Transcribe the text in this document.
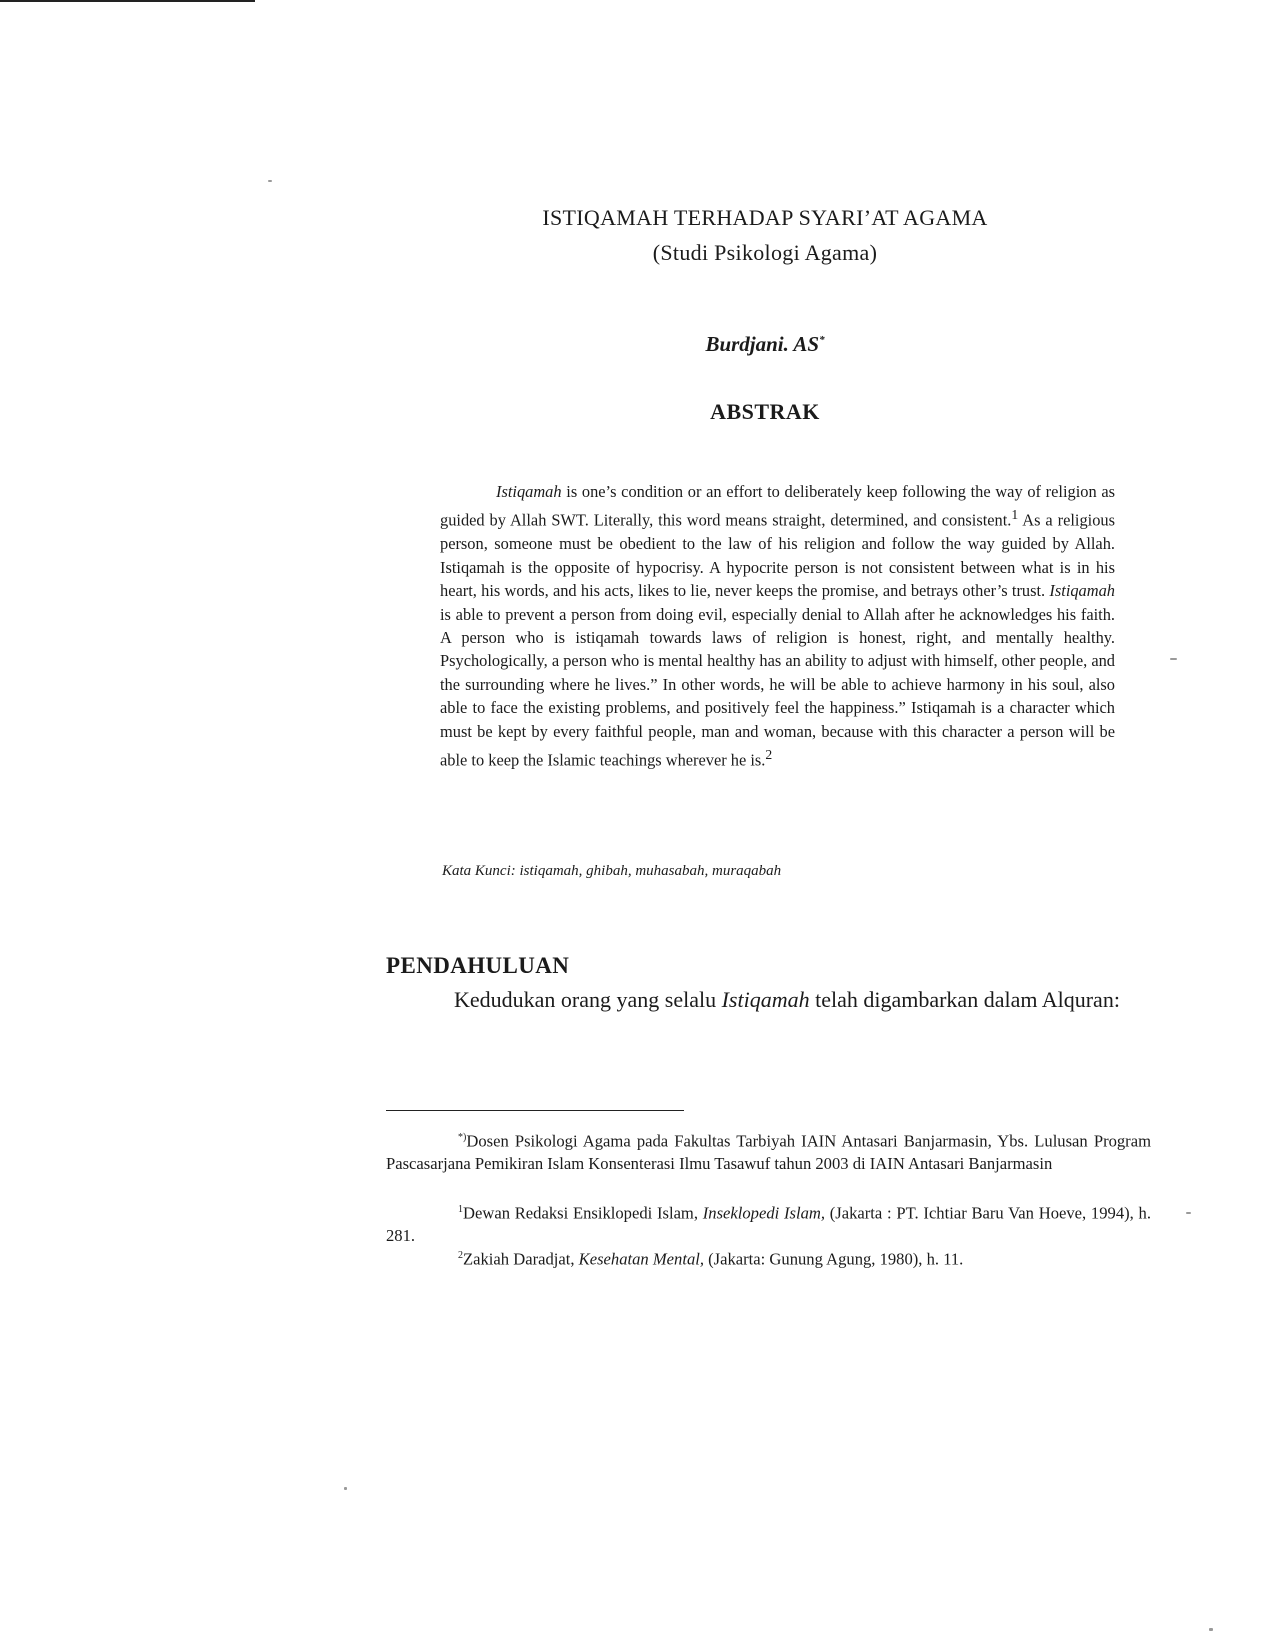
ISTIQAMAH TERHADAP SYARI’AT AGAMA
(Studi Psikologi Agama)
Burdjani. AS*
ABSTRAK

Istiqamah is one’s condition or an effort to deliberately keep following the way of religion as guided by Allah SWT. Literally, this word means straight, determined, and consistent.$^1$ As a religious person, someone must be obedient to the law of his religion and follow the way guided by Allah. Istiqamah is the opposite of hypocrisy. A hypocrite person is not consistent between what is in his heart, his words, and his acts, likes to lie, never keeps the promise, and betrays other’s trust. Istiqamah is able to prevent a person from doing evil, especially denial to Allah after he acknowledges his faith. A person who is istiqamah towards laws of religion is honest, right, and mentally healthy. Psychologically, a person who is mental healthy has an ability to adjust with himself, other people, and the surrounding where he lives.” In other words, he will be able to achieve harmony in his soul, also able to face the existing problems, and positively feel the happiness.” Istiqamah is a character which must be kept by every faithful people, man and woman, because with this character a person will be able to keep the Islamic teachings wherever he is.$^2$

Kata Kunci: istiqamah, ghibah, muhasabah, muraqabah

PENDAHULUAN

Kedudukan orang yang selalu Istiqamah telah digambarkan dalam Alquran:

*)Dosen Psikologi Agama pada Fakultas Tarbiyah IAIN Antasari Banjarmasin, Ybs. Lulusan Program Pascasarjana Pemikiran Islam Konsenterasi Ilmu Tasawuf tahun 2003 di IAIN Antasari Banjarmasin

$^1$Dewan Redaksi Ensiklopedi Islam, Inseklopedi Islam, (Jakarta : PT. Ichtiar Baru Van Hoeve, 1994), h. 281.

$^2$Zakiah Daradjat, Kesehatan Mental, (Jakarta: Gunung Agung, 1980), h. 11.
